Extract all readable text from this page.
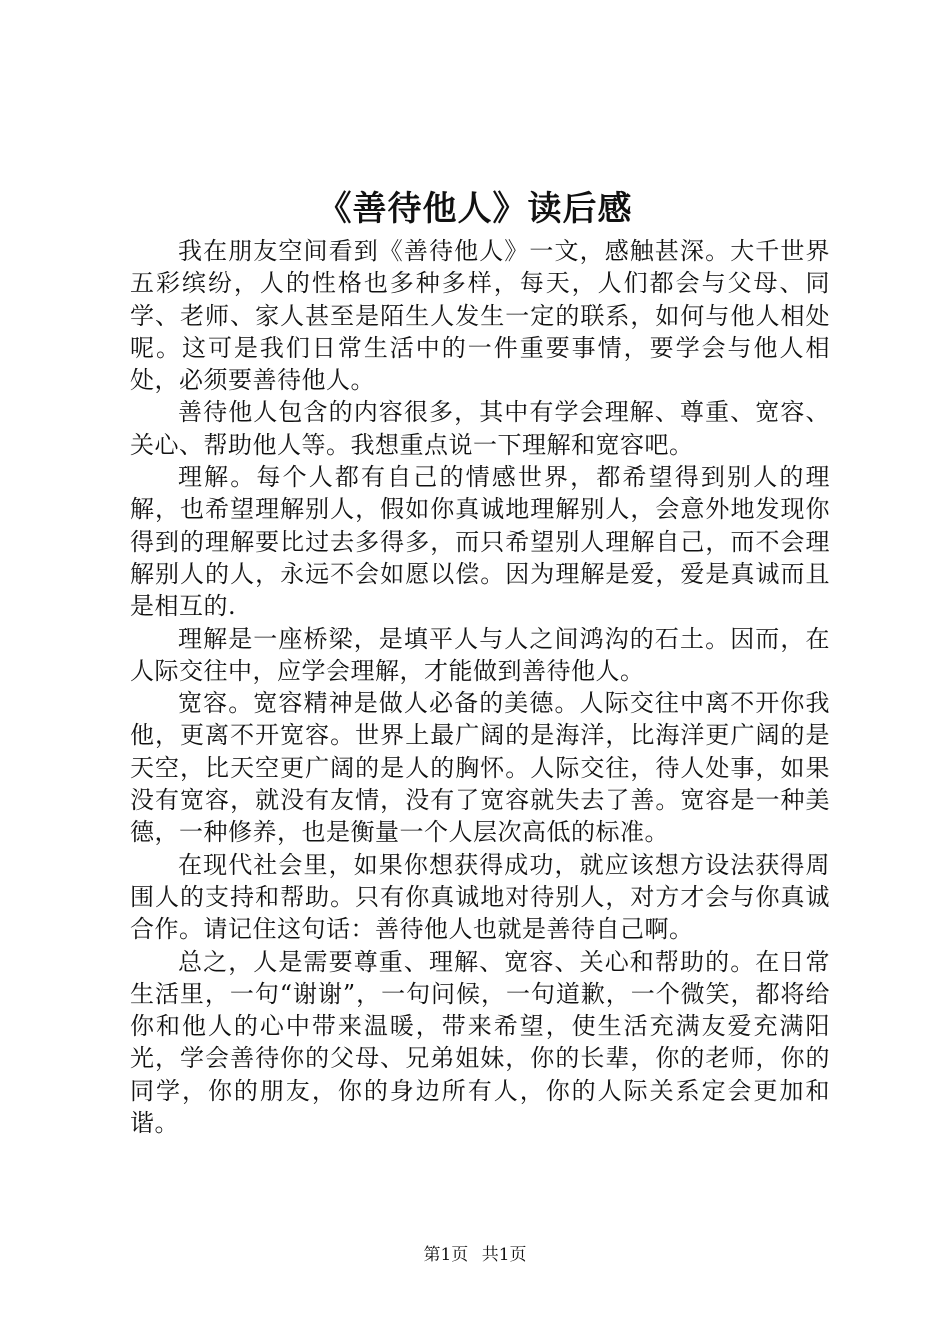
《善待他人》读后感

我在朋友空间看到《善待他人》一文，感触甚深。大千世界五彩缤纷，人的性格也多种多样，每天，人们都会与父母、同学、老师、家人甚至是陌生人发生一定的联系，如何与他人相处呢。这可是我们日常生活中的一件重要事情，要学会与他人相处，必须要善待他人。

善待他人包含的内容很多，其中有学会理解、尊重、宽容、关心、帮助他人等。我想重点说一下理解和宽容吧。

理解。每个人都有自己的情感世界，都希望得到别人的理解，也希望理解别人，假如你真诚地理解别人，会意外地发现你得到的理解要比过去多得多，而只希望别人理解自己，而不会理解别人的人，永远不会如愿以偿。因为理解是爱，爱是真诚而且是相互的.

理解是一座桥梁，是填平人与人之间鸿沟的石土。因而，在人际交往中，应学会理解，才能做到善待他人。

宽容。宽容精神是做人必备的美德。人际交往中离不开你我他，更离不开宽容。世界上最广阔的是海洋，比海洋更广阔的是天空，比天空更广阔的是人的胸怀。人际交往，待人处事，如果没有宽容，就没有友情，没有了宽容就失去了善。宽容是一种美德，一种修养，也是衡量一个人层次高低的标准。

在现代社会里，如果你想获得成功，就应该想方设法获得周围人的支持和帮助。只有你真诚地对待别人，对方才会与你真诚合作。请记住这句话：善待他人也就是善待自己啊。

总之，人是需要尊重、理解、宽容、关心和帮助的。在日常生活里，一句“谢谢”，一句问候，一句道歉，一个微笑，都将给你和他人的心中带来温暖，带来希望，使生活充满友爱充满阳光，学会善待你的父母、兄弟姐妹，你的长辈，你的老师，你的同学，你的朋友，你的身边所有人，你的人际关系定会更加和谐。

第1页 共1页
